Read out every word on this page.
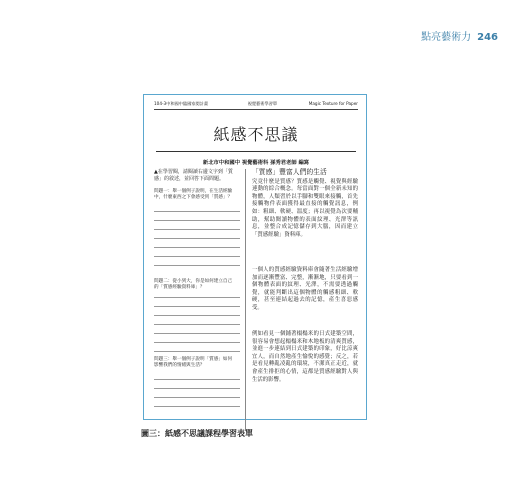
點亮藝術力 246
104-3中和國中臨國家閱計畫	視覺藝術學習單	Magic Texture for Paper
紙感不思議
新北市中和國中 視覺藝術科 孫秀君老師 編寫
▲在學習閱，請閱讀右邊文字到「質感」的敘述，並回答下面問題。
問題一：舉一個例子說明，在生活經驗中，什麼東西之下會感受到「質感」？
問題二：從小到大，你是如何建立自己的「質感經驗資料庫」？
問題三：舉一個例子說明「質感」如何影響我們的情緒與生活？
「質感」豐富人們的生活
究竟什麼是質感？質感是觸覺、視覺與經驗連動的綜合概念。每當面對一個全新未知的物體，人類習於以手腳和雙眼來接觸，首先接觸物件表面獲得最直接的觸覺訊息，例如：粗細、軟硬、溫度；再以視覺為次要輔助，幫助閱讀物體的表面紋理、光澤等訊息，並整合成記憶儲存到大腦，因而建立「質感經驗」資料庫。
一個人的質感經驗資料庫會隨著生活經驗增加而逐漸豐富、完整，漸漸地，只要看到一個物體表面的紋理、光澤，不需要透過觸覺，就能判斷出這個物體的觸感粗細、軟硬，甚至連結起過去的記憶，產生喜惡感受。
例如看見一個鋪著榻榻米的日式建築空間，很容易會想起榻榻米和木地板的清爽質感，並進一步連結到日式建築的印象，好比涼爽宜人，而自然地產生愉悅的感覺；反之，若是看見轉亂凌亂的環境，不潔真正走近，就會產生排拒的心情，這都是質感經驗對人與生活的影響。
圖三：紙感不思議課程學習表單
